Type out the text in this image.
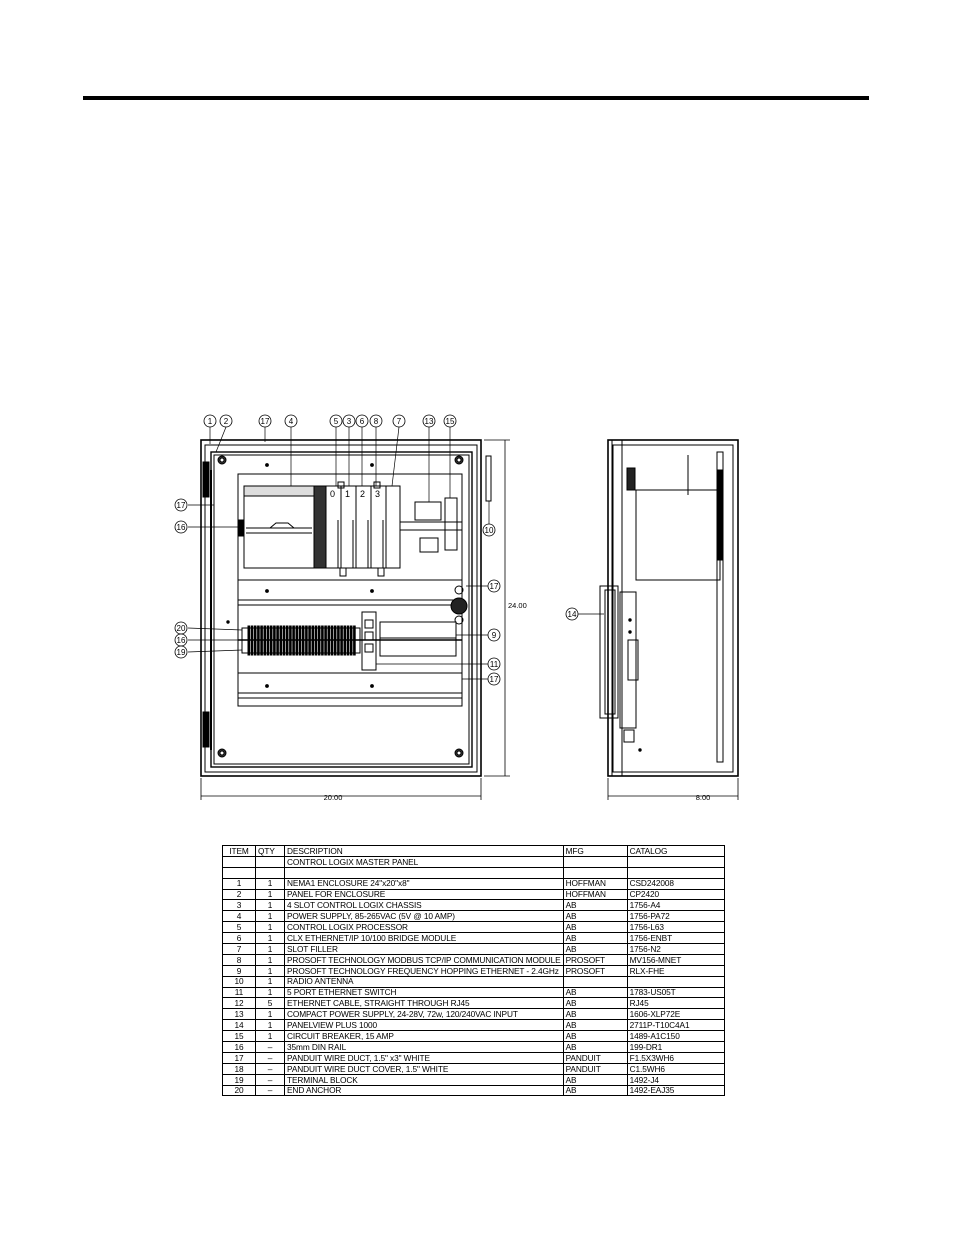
1 2	17 4	5 3 6 8 7	13 15
17
16	10
17
20
16
19
9
11
17
14
0 1 2 3
24.00
20.00	8.00
ITEM	QTY	DESCRIPTION	MFG	CATALOG
		CONTROL LOGIX MASTER PANEL		

1	1	NEMA1 ENCLOSURE 24"x20"x8"	HOFFMAN	CSD242008
2	1	PANEL FOR ENCLOSURE	HOFFMAN	CP2420
3	1	4 SLOT CONTROL LOGIX CHASSIS	AB	1756-A4
4	1	POWER SUPPLY, 85-265VAC (5V @ 10 AMP)	AB	1756-PA72
5	1	CONTROL LOGIX PROCESSOR	AB	1756-L63
6	1	CLX ETHERNET/IP 10/100 BRIDGE MODULE	AB	1756-ENBT
7	1	SLOT FILLER	AB	1756-N2
8	1	PROSOFT TECHNOLOGY MODBUS TCP/IP COMMUNICATION MODULE	PROSOFT	MV156-MNET
9	1	PROSOFT TECHNOLOGY FREQUENCY HOPPING ETHERNET - 2.4GHz	PROSOFT	RLX-FHE
10	1	RADIO ANTENNA		
11	1	5 PORT ETHERNET SWITCH	AB	1783-US05T
12	5	ETHERNET CABLE, STRAIGHT THROUGH RJ45	AB	RJ45
13	1	COMPACT POWER SUPPLY, 24-28V, 72w, 120/240VAC INPUT	AB	1606-XLP72E
14	1	PANELVIEW PLUS 1000	AB	2711P-T10C4A1
15	1	CIRCUIT BREAKER, 15 AMP	AB	1489-A1C150
16	–	35mm DIN RAIL	AB	199-DR1
17	–	PANDUIT WIRE DUCT, 1.5" x3" WHITE	PANDUIT	F1.5X3WH6
18	–	PANDUIT WIRE DUCT COVER, 1.5" WHITE	PANDUIT	C1.5WH6
19	–	TERMINAL BLOCK	AB	1492-J4
20	–	END ANCHOR	AB	1492-EAJ35
